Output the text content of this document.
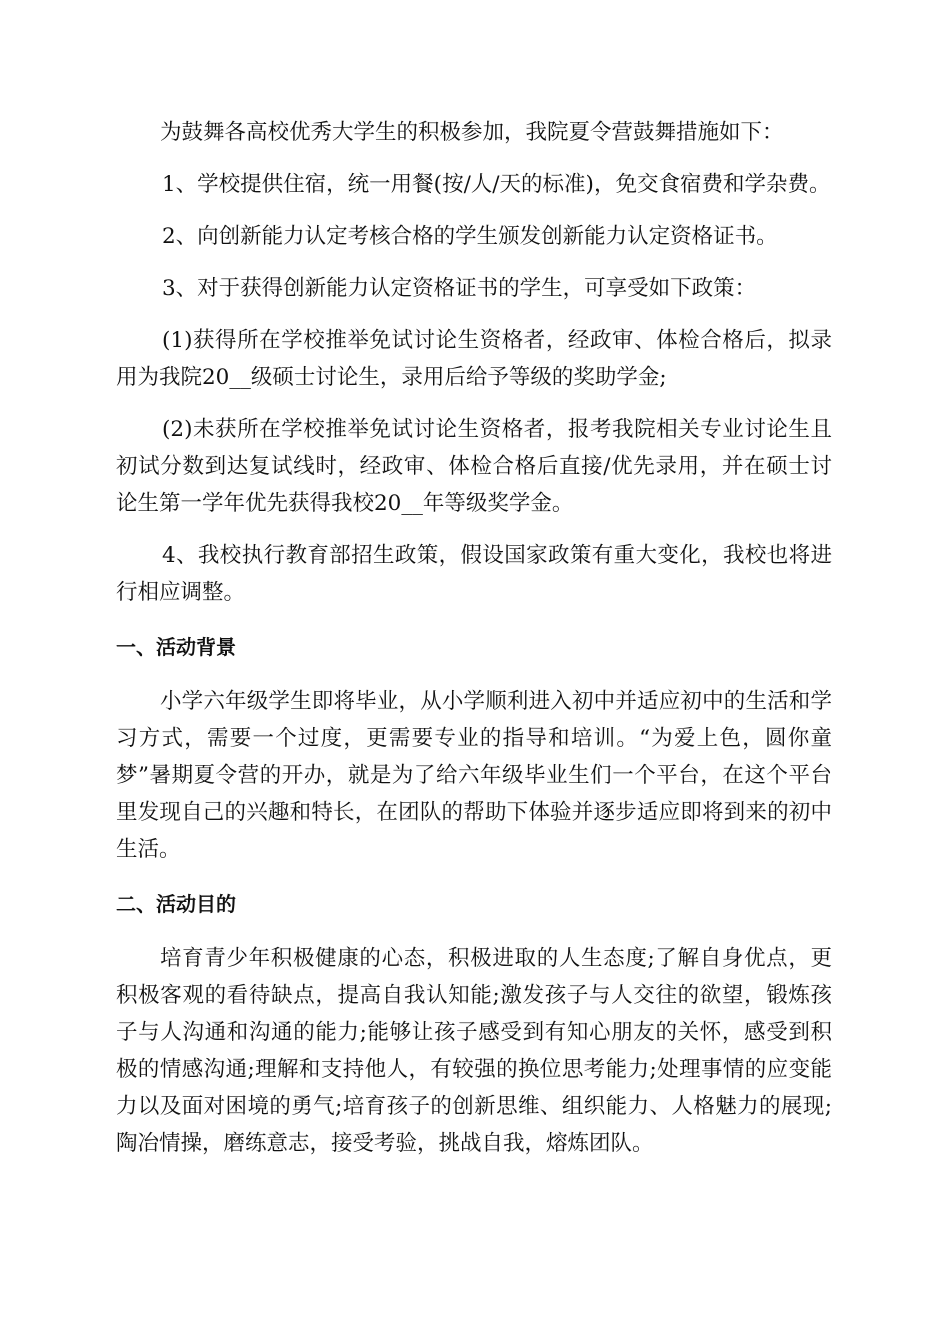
为鼓舞各高校优秀大学生的积极参加，我院夏令营鼓舞措施如下：

1、学校提供住宿，统一用餐(按/人/天的标准)，免交食宿费和学杂费。

2、向创新能力认定考核合格的学生颁发创新能力认定资格证书。

3、对于获得创新能力认定资格证书的学生，可享受如下政策：

(1)获得所在学校推举免试讨论生资格者，经政审、体检合格后，拟录用为我院20__级硕士讨论生，录用后给予等级的奖助学金;

(2)未获所在学校推举免试讨论生资格者，报考我院相关专业讨论生且初试分数到达复试线时，经政审、体检合格后直接/优先录用，并在硕士讨论生第一学年优先获得我校20__年等级奖学金。

4、我校执行教育部招生政策，假设国家政策有重大变化，我校也将进行相应调整。

一、活动背景

小学六年级学生即将毕业，从小学顺利进入初中并适应初中的生活和学习方式，需要一个过度，更需要专业的指导和培训。“为爱上色，圆你童梦”暑期夏令营的开办，就是为了给六年级毕业生们一个平台，在这个平台里发现自己的兴趣和特长，在团队的帮助下体验并逐步适应即将到来的初中生活。

二、活动目的

培育青少年积极健康的心态，积极进取的人生态度;了解自身优点，更积极客观的看待缺点，提高自我认知能;激发孩子与人交往的欲望，锻炼孩子与人沟通和沟通的能力;能够让孩子感受到有知心朋友的关怀，感受到积极的情感沟通;理解和支持他人，有较强的换位思考能力;处理事情的应变能力以及面对困境的勇气;培育孩子的创新思维、组织能力、人格魅力的展现;陶冶情操，磨练意志，接受考验，挑战自我，熔炼团队。
